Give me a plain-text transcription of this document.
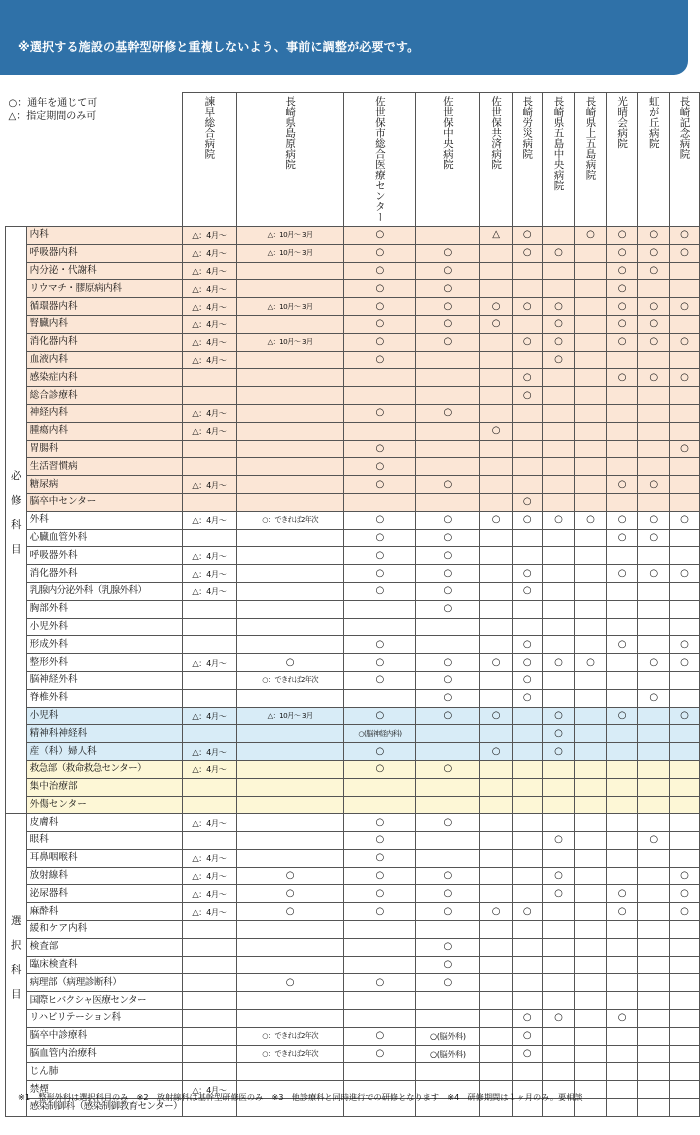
※選択する施設の基幹型研修と重複しないよう、事前に調整が必要です。
○：通年を通じて可
△：指定期間のみ可		諫早総合病院	長崎県島原病院	佐世保市総合医療センター	佐世保中央病院	佐世保共済病院	長崎労災病院	長崎県五島中央病院	長崎県上五島病院	光晴会病院	虹が丘病院	長崎記念病院
必修科目	内科	△：4月〜	△：10月〜 3月	○		△	○		○	○	○	○
	呼吸器内科	△：4月〜	△：10月〜 3月	○	○		○	○		○	○	○
	内分泌・代謝科	△：4月〜		○	○					○	○	
	リウマチ・膠原病内科	△：4月〜		○	○					○		
	循環器内科	△：4月〜	△：10月〜 3月	○	○	○	○	○		○	○	○
	腎臓内科	△：4月〜		○	○	○		○		○	○	
	消化器内科	△：4月〜	△：10月〜 3月	○	○		○	○		○	○	○
	血液内科	△：4月〜		○				○				
	感染症内科						○			○	○	○
	総合診療科						○					
	神経内科	△：4月〜		○	○							
	腫瘍内科	△：4月〜				○						
	胃腸科			○								○
	生活習慣病			○								
	糖尿病	△：4月〜		○	○					○	○	
	脳卒中センター						○					
	外科	△：4月〜	○：できれば2年次	○	○	○	○	○	○	○	○	○
	心臓血管外科			○	○					○	○	
	呼吸器外科	△：4月〜		○	○							
	消化器外科	△：4月〜		○	○		○			○	○	○
	乳腺内分泌外科（乳腺外科）	△：4月〜		○	○		○					
	胸部外科				○							
	小児外科											
	形成外科			○			○			○		○
	整形外科	△：4月〜	○	○	○	○	○	○	○		○	○
	脳神経外科		○：できれば2年次	○	○		○					
	脊椎外科				○		○				○	
	小児科	△：4月〜	△：10月〜 3月	○	○	○		○		○		○
	精神科神経科			○(脳神経内科)				○				
	産（科）婦人科	△：4月〜		○		○		○				
	救急部（救命救急センター）	△：4月〜		○	○							
	集中治療部											
	外傷センター											
選択科目	皮膚科	△：4月〜		○	○							
	眼科			○				○			○	
	耳鼻咽喉科	△：4月〜		○								
	放射線科	△：4月〜	○	○	○			○				○
	泌尿器科	△：4月〜	○	○	○			○		○		○
	麻酔科	△：4月〜	○	○	○	○	○			○		○
	緩和ケア内科											
	検査部				○							
	臨床検査科				○							
	病理部（病理診断科）		○	○	○							
	国際ヒバクシャ医療センター											
	リハビリテーション科						○	○		○		
	脳卒中診療科		○：できれば2年次	○	○(脳外科)		○					
	脳血管内治療科		○：できれば2年次	○	○(脳外科)		○					
	じん肺											
	禁煙	△：4月〜										
	感染制御科（感染制御教育センター）											
※1　整形外科は選択科目のみ　※2　放射線科は基幹型研修医のみ　※3　他診療科と同時進行での研修となります　※4　研修期間は１ヶ月のみ。要相談
